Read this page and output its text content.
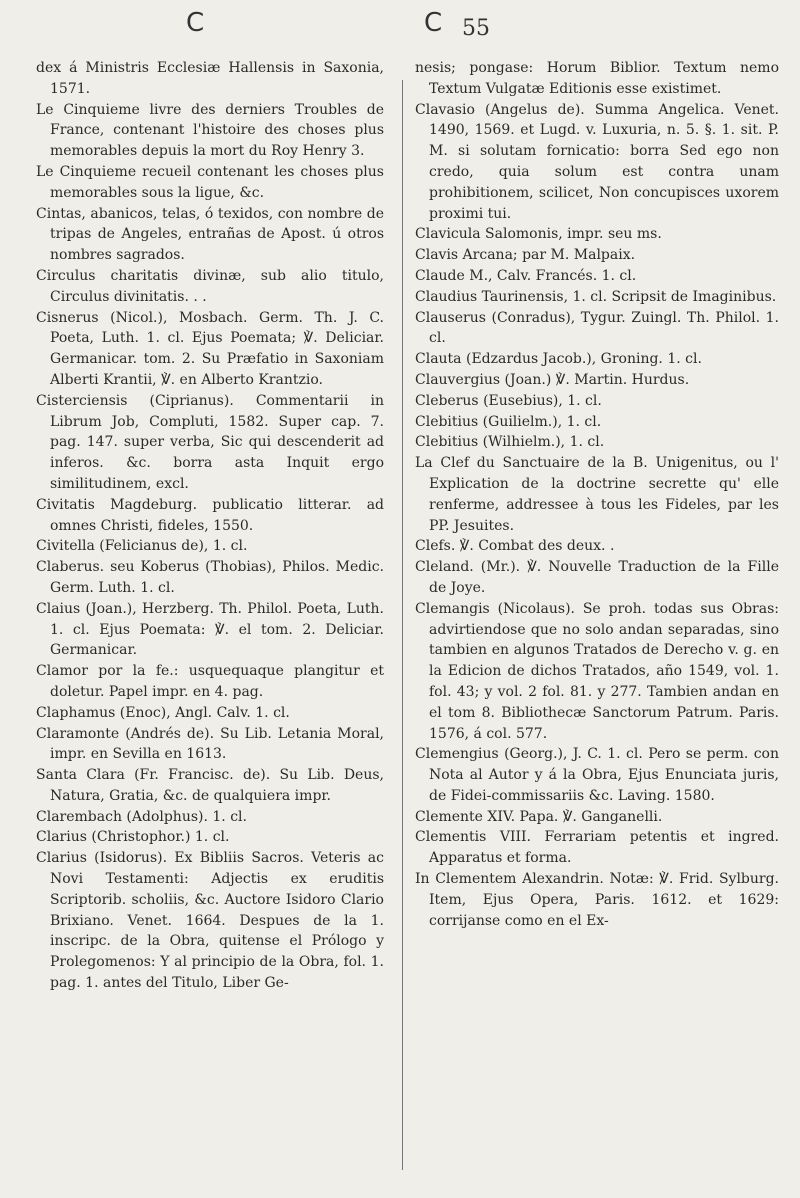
C	C 55

dex á Ministris Ecclesiæ Hallensis in Saxonia, 1571.

Le Cinquieme livre des derniers Troubles de France, contenant l'histoire des choses plus memorables depuis la mort du Roy Henry 3.

Le Cinquieme recueil contenant les choses plus memorables sous la ligue, &c.

Cintas, abanicos, telas, ó texidos, con nombre de tripas de Angeles, entrañas de Apost. ú otros nombres sagrados.

Circulus charitatis divinæ, sub alio titulo, Circulus divinitatis. . .

Cisnerus (Nicol.), Mosbach. Germ. Th. J. C. Poeta, Luth. 1. cl. Ejus Poemata; ℣. Deliciar. Germanicar. tom. 2. Su Præfatio in Saxoniam Alberti Krantii, ℣. en Alberto Krantzio.

Cisterciensis (Ciprianus). Commentarii in Librum Job, Compluti, 1582. Super cap. 7. pag. 147. super verba, Sic qui descenderit ad inferos. &c. borra asta Inquit ergo similitudinem, excl.

Civitatis Magdeburg. publicatio litterar. ad omnes Christi, fideles, 1550.

Civitella (Felicianus de), 1. cl.

Claberus. seu Koberus (Thobias), Philos. Medic. Germ. Luth. 1. cl.

Claius (Joan.), Herzberg. Th. Philol. Poeta, Luth. 1. cl. Ejus Poemata: ℣. el tom. 2. Deliciar. Germanicar.

Clamor por la fe.: usquequaque plangitur et doletur. Papel impr. en 4. pag.

Claphamus (Enoc), Angl. Calv. 1. cl.

Claramonte (Andrés de). Su Lib. Letania Moral, impr. en Sevilla en 1613.

Santa Clara (Fr. Francisc. de). Su Lib. Deus, Natura, Gratia, &c. de qualquiera impr.

Clarembach (Adolphus). 1. cl.

Clarius (Christophor.) 1. cl.

Clarius (Isidorus). Ex Bibliis Sacros. Veteris ac Novi Testamenti: Adjectis ex eruditis Scriptorib. scholiis, &c. Auctore Isidoro Clario Brixiano. Venet. 1664. Despues de la 1. inscripc. de la Obra, quitense el Prólogo y Prolegomenos: Y al principio de la Obra, fol. 1. pag. 1. antes del Titulo, Liber Ge-

nesis; pongase: Horum Biblior. Textum nemo Textum Vulgatæ Editionis esse existimet.

Clavasio (Angelus de). Summa Angelica. Venet. 1490, 1569. et Lugd. v. Luxuria, n. 5. §. 1. sit. P. M. si solutam fornicatio: borra Sed ego non credo, quia solum est contra unam prohibitionem, scilicet, Non concupisces uxorem proximi tui.

Clavicula Salomonis, impr. seu ms.

Clavis Arcana; par M. Malpaix.

Claude M., Calv. Francés. 1. cl.

Claudius Taurinensis, 1. cl. Scripsit de Imaginibus.

Clauserus (Conradus), Tygur. Zuingl. Th. Philol. 1. cl.

Clauta (Edzardus Jacob.), Groning. 1. cl.

Clauvergius (Joan.) ℣. Martin. Hurdus.

Cleberus (Eusebius), 1. cl.

Clebitius (Guilielm.), 1. cl.

Clebitius (Wilhielm.), 1. cl.

La Clef du Sanctuaire de la B. Unigenitus, ou l' Explication de la doctrine secrette qu' elle renferme, addressee à tous les Fideles, par les PP. Jesuites.

Clefs. ℣. Combat des deux. .

Cleland. (Mr.). ℣. Nouvelle Traduction de la Fille de Joye.

Clemangis (Nicolaus). Se proh. todas sus Obras: advirtiendose que no solo andan separadas, sino tambien en algunos Tratados de Derecho v. g. en la Edicion de dichos Tratados, año 1549, vol. 1. fol. 43; y vol. 2 fol. 81. y 277. Tambien andan en el tom 8. Bibliothecæ Sanctorum Patrum. Paris. 1576, á col. 577.

Clemengius (Georg.), J. C. 1. cl. Pero se perm. con Nota al Autor y á la Obra, Ejus Enunciata juris, de Fidei-commissariis &c. Laving. 1580.

Clemente XIV. Papa. ℣. Ganganelli.

Clementis VIII. Ferrariam petentis et ingred. Apparatus et forma.

In Clementem Alexandrin. Notæ: ℣. Frid. Sylburg. Item, Ejus Opera, Paris. 1612. et 1629: corrijanse como en el Ex-
